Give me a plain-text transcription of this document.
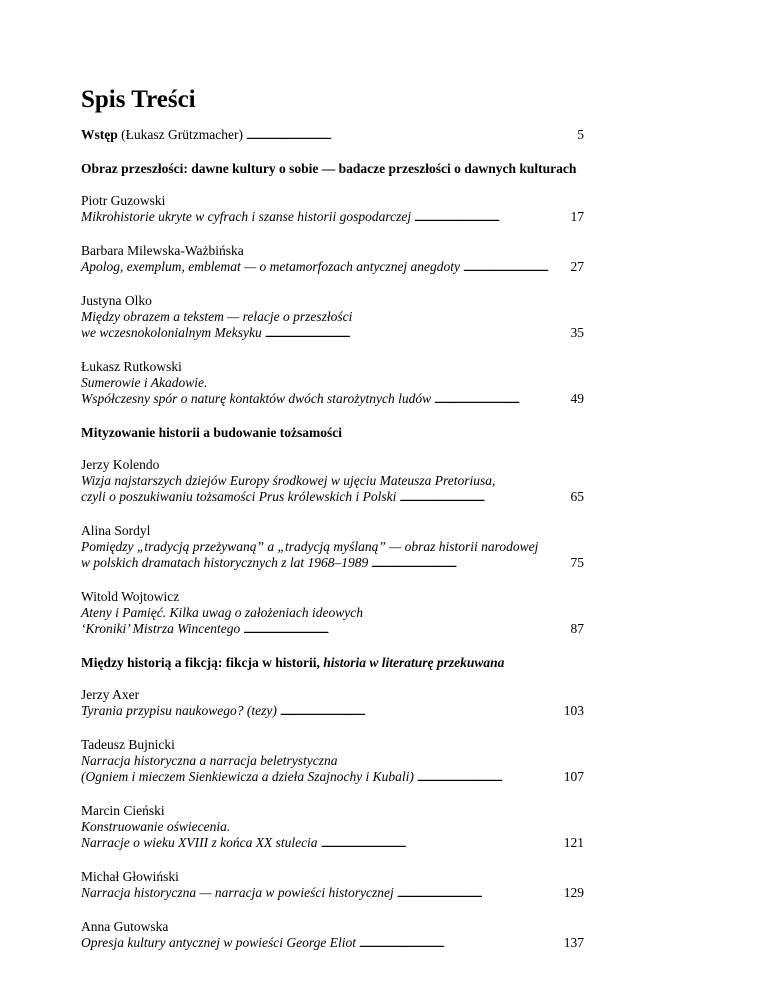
Spis Treści
Wstęp (Łukasz Grützmacher) . . .	5
Obraz przeszłości: dawne kultury o sobie — badacze przeszłości o dawnych kulturach
Piotr Guzowski
Mikrohistorie ukryte w cyfrach i szanse historii gospodarczej . . .	17
Barbara Milewska-Ważbińska
Apolog, exemplum, emblemat — o metamorfozach antycznej anegdoty . . .	27
Justyna Olko
Między obrazem a tekstem — relacje o przeszłości
we wczesnokolonialnym Meksyku . . .	35
Łukasz Rutkowski
Sumerowie i Akadowie.
Współczesny spór o naturę kontaktów dwóch starożytnych ludów . . .	49
Mityzowanie historii a budowanie tożsamości
Jerzy Kolendo
Wizja najstarszych dziejów Europy środkowej w ujęciu Mateusza Pretoriusa,
czyli o poszukiwaniu tożsamości Prus królewskich i Polski . . .	65
Alina Sordyl
Pomiędzy „tradycją przeżywaną” a „tradycją myślaną” — obraz historii narodowej
w polskich dramatach historycznych z lat 1968–1989 . . .	75
Witold Wojtowicz
Ateny i Pamięć. Kilka uwag o założeniach ideowych
‘Kroniki’ Mistrza Wincentego . . .	87
Między historią a fikcją: fikcja w historii, historia w literaturę przekuwana
Jerzy Axer
Tyrania przypisu naukowego? (tezy) . . .	103
Tadeusz Bujnicki
Narracja historyczna a narracja beletrystyczna
(Ogniem i mieczem Sienkiewicza a dzieła Szajnochy i Kubali) . . .	107
Marcin Cieński
Konstruowanie oświecenia.
Narracje o wieku XVIII z końca XX stulecia . . .	121
Michał Głowiński
Narracja historyczna — narracja w powieści historycznej . . .	129
Anna Gutowska
Opresja kultury antycznej w powieści George Eliot . . .	137
